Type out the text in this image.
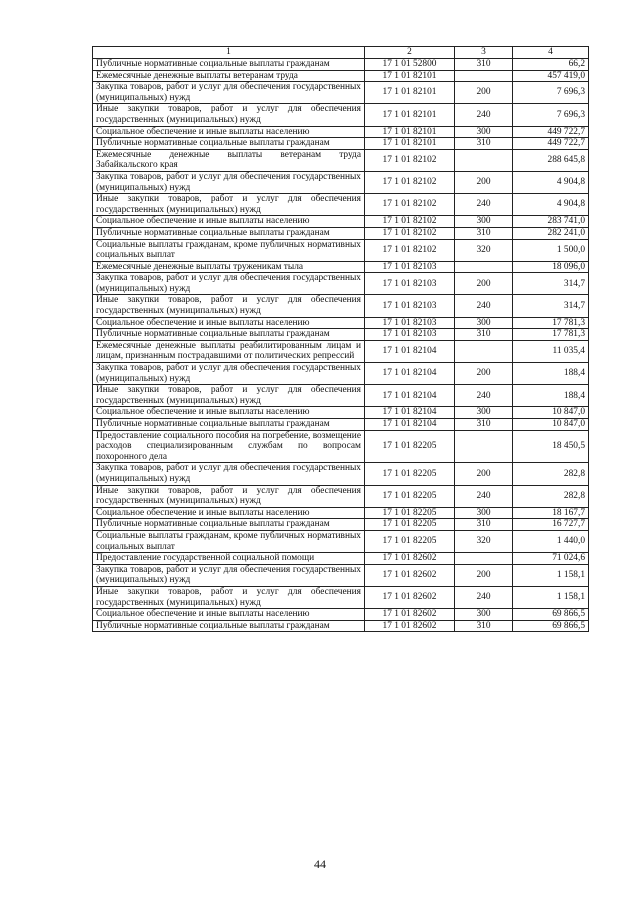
1	2	3	4
Публичные нормативные социальные выплаты гражданам	17 1 01 52800	310	66,2
Ежемесячные денежные выплаты ветеранам труда	17 1 01 82101		457 419,0
Закупка товаров, работ и услуг для обеспечения государственных (муниципальных) нужд	17 1 01 82101	200	7 696,3
Иные закупки товаров, работ и услуг для обеспечения государственных (муниципальных) нужд	17 1 01 82101	240	7 696,3
Социальное обеспечение и иные выплаты населению	17 1 01 82101	300	449 722,7
Публичные нормативные социальные выплаты гражданам	17 1 01 82101	310	449 722,7
Ежемесячные денежные выплаты ветеранам труда Забайкальского края	17 1 01 82102		288 645,8
Закупка товаров, работ и услуг для обеспечения государственных (муниципальных) нужд	17 1 01 82102	200	4 904,8
Иные закупки товаров, работ и услуг для обеспечения государственных (муниципальных) нужд	17 1 01 82102	240	4 904,8
Социальное обеспечение и иные выплаты населению	17 1 01 82102	300	283 741,0
Публичные нормативные социальные выплаты гражданам	17 1 01 82102	310	282 241,0
Социальные выплаты гражданам, кроме публичных нормативных социальных выплат	17 1 01 82102	320	1 500,0
Ежемесячные денежные выплаты труженикам тыла	17 1 01 82103		18 096,0
Закупка товаров, работ и услуг для обеспечения государственных (муниципальных) нужд	17 1 01 82103	200	314,7
Иные закупки товаров, работ и услуг для обеспечения государственных (муниципальных) нужд	17 1 01 82103	240	314,7
Социальное обеспечение и иные выплаты населению	17 1 01 82103	300	17 781,3
Публичные нормативные социальные выплаты гражданам	17 1 01 82103	310	17 781,3
Ежемесячные денежные выплаты реабилитированным лицам и лицам, признанным пострадавшими от политических репрессий	17 1 01 82104		11 035,4
Закупка товаров, работ и услуг для обеспечения государственных (муниципальных) нужд	17 1 01 82104	200	188,4
Иные закупки товаров, работ и услуг для обеспечения государственных (муниципальных) нужд	17 1 01 82104	240	188,4
Социальное обеспечение и иные выплаты населению	17 1 01 82104	300	10 847,0
Публичные нормативные социальные выплаты гражданам	17 1 01 82104	310	10 847,0
Предоставление социального пособия на погребение, возмещение расходов специализированным службам по вопросам похоронного дела	17 1 01 82205		18 450,5
Закупка товаров, работ и услуг для обеспечения государственных (муниципальных) нужд	17 1 01 82205	200	282,8
Иные закупки товаров, работ и услуг для обеспечения государственных (муниципальных) нужд	17 1 01 82205	240	282,8
Социальное обеспечение и иные выплаты населению	17 1 01 82205	300	18 167,7
Публичные нормативные социальные выплаты гражданам	17 1 01 82205	310	16 727,7
Социальные выплаты гражданам, кроме публичных нормативных социальных выплат	17 1 01 82205	320	1 440,0
Предоставление государственной социальной помощи	17 1 01 82602		71 024,6
Закупка товаров, работ и услуг для обеспечения государственных (муниципальных) нужд	17 1 01 82602	200	1 158,1
Иные закупки товаров, работ и услуг для обеспечения государственных (муниципальных) нужд	17 1 01 82602	240	1 158,1
Социальное обеспечение и иные выплаты населению	17 1 01 82602	300	69 866,5
Публичные нормативные социальные выплаты гражданам	17 1 01 82602	310	69 866,5
44
